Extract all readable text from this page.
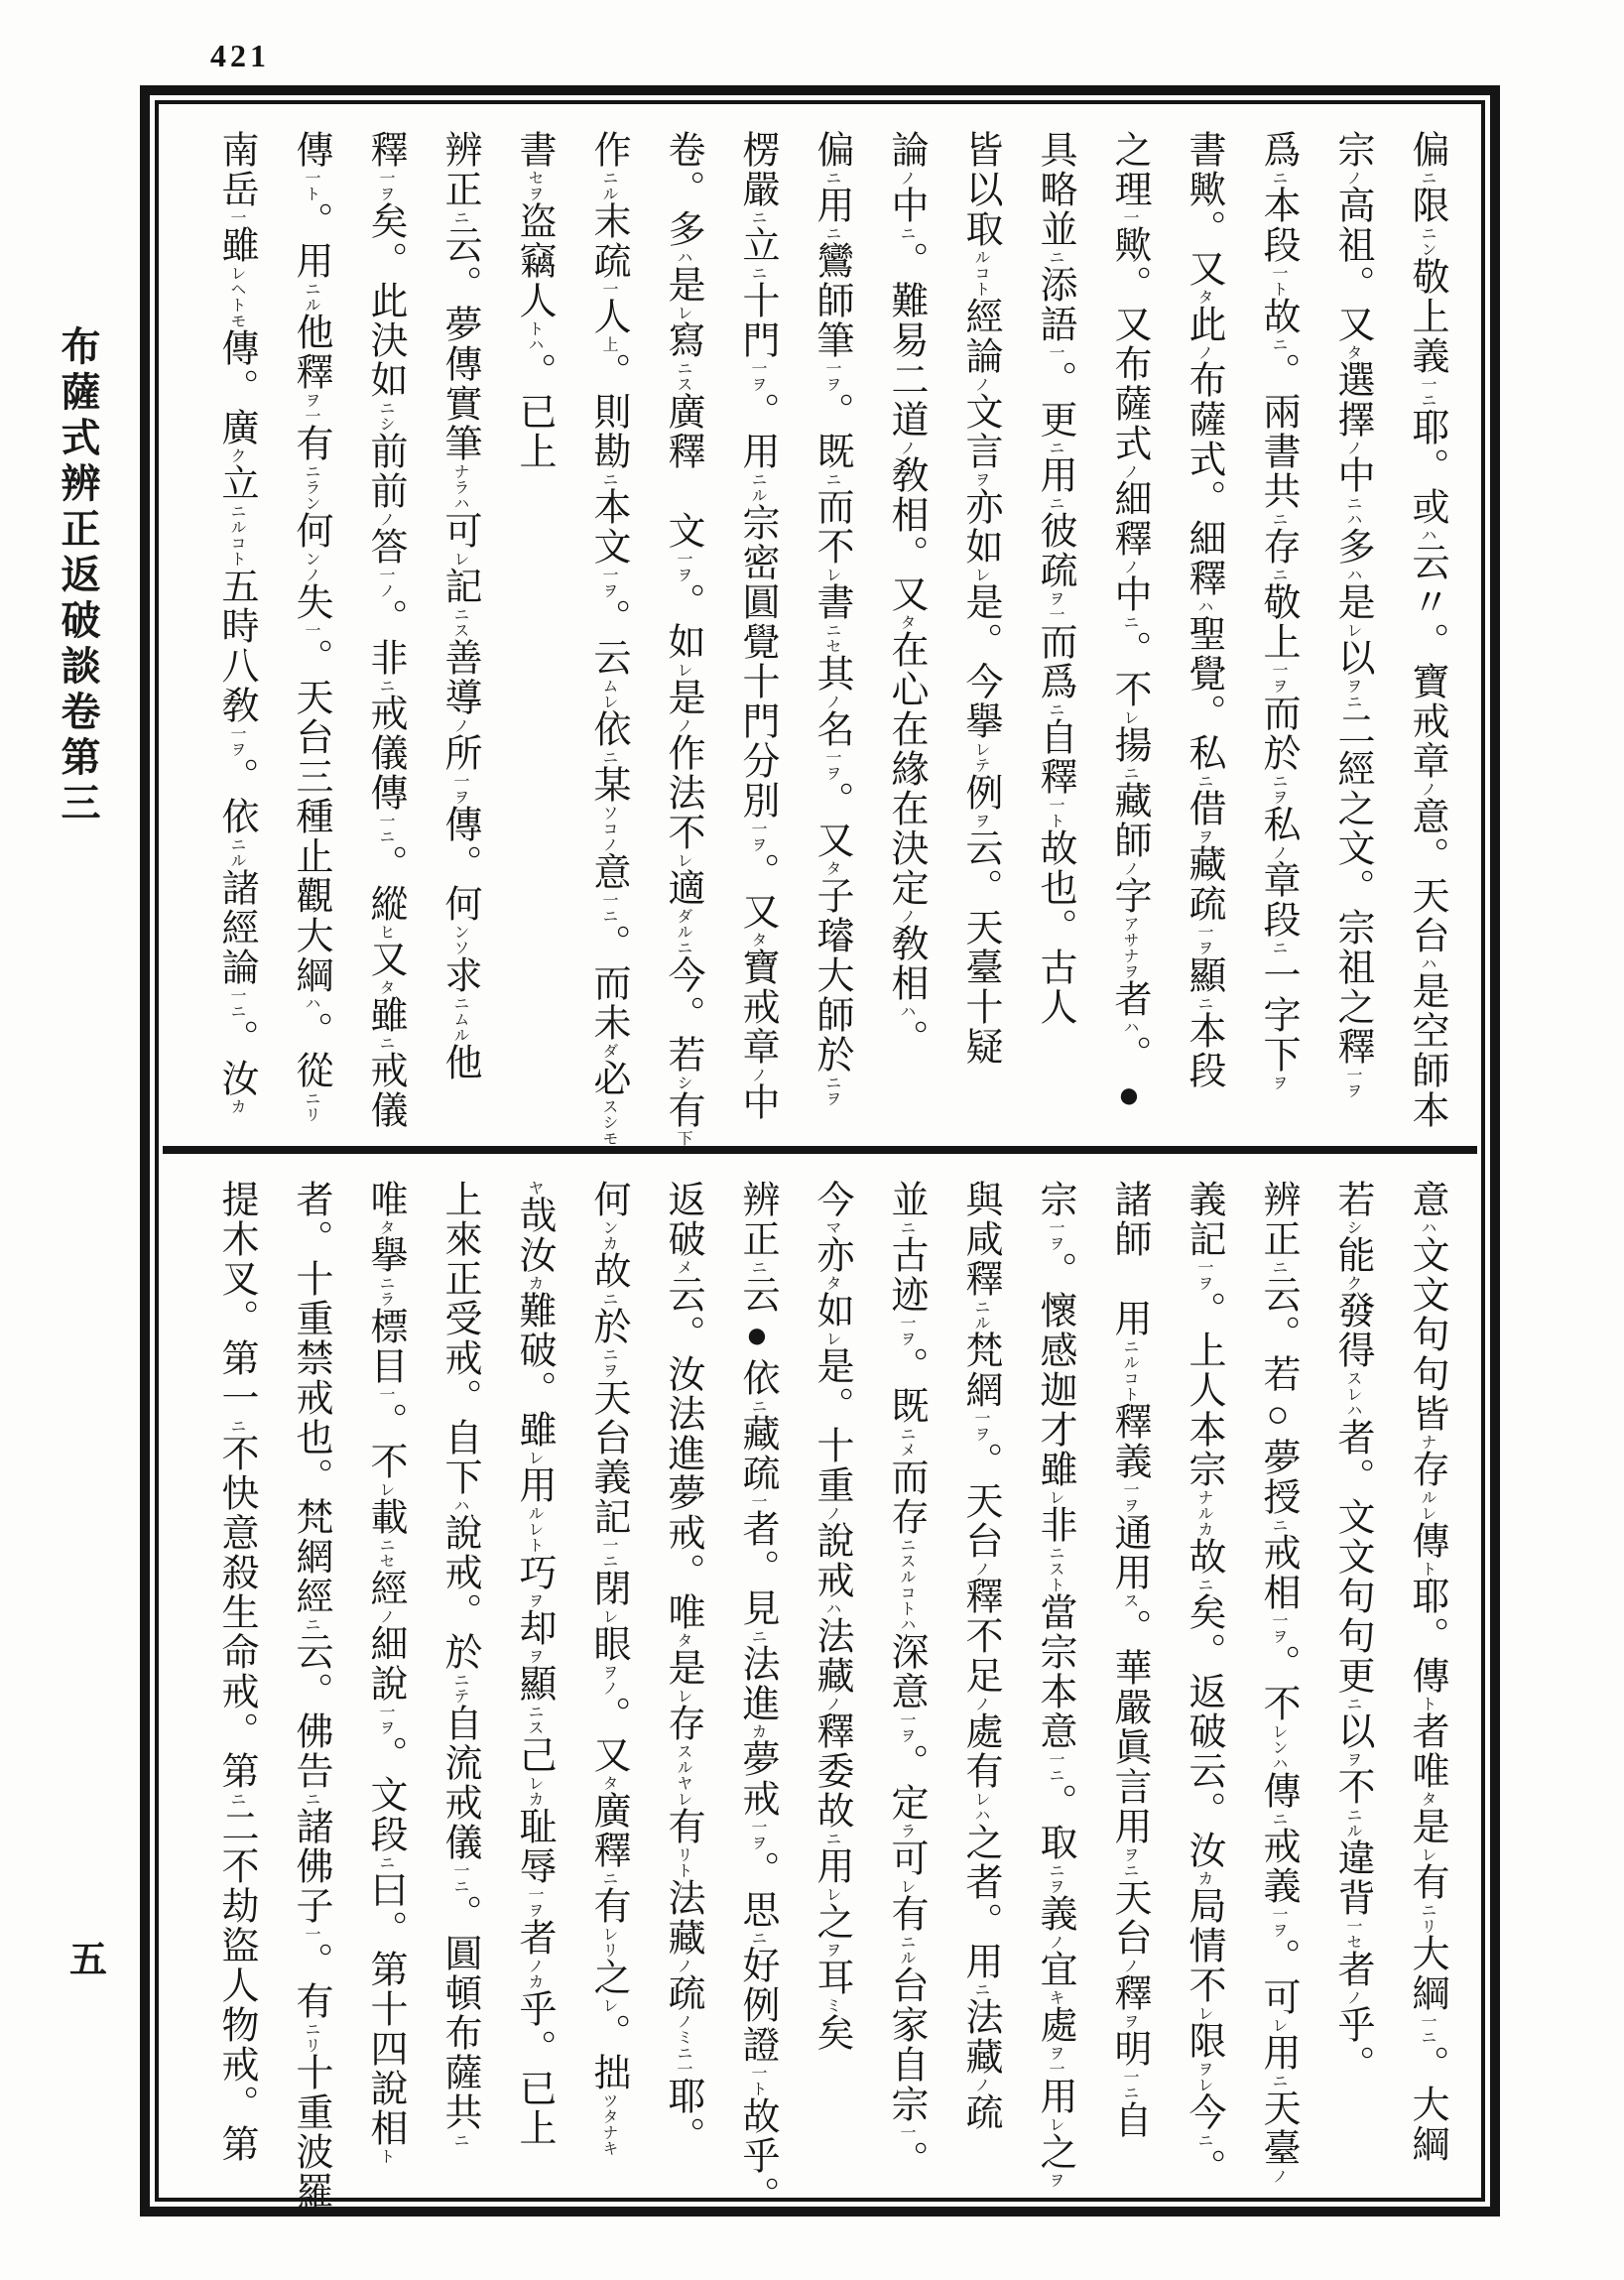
421
布薩式辨正返破談卷第三
五
偏ニ限ニン敬上義一ニ耶。或ハ云〃。寶戒章ノ意。天台ハ是空師本
宗ノ高祖。又タ選擇ノ中ニハ多ハ是レ以ヲニ二經之文。宗祖之釋一ヲ
爲ニ本段一ト故ニ。兩書共ニ存ニ敬上一ヲ而於ニヲ私ノ章段ニ一字下ヲ
書歟。又タ此ノ布薩式。細釋ハ聖覺。私ニ借ヲ藏疏一ヲ顯ニ本段
之理一歟。又布薩式ノ細釋ノ中ニ。不レ揚ニ藏師ノ字アサナヲ者ハ。●
具略並ニ添語一。更ニ用ニ彼疏ヲ一而爲ニ自釋一ト故也。古人
皆以取ルコト經論ノ文言ヲ亦如レ是。今擧レテ例ヲ云。天臺十疑
論ノ中ニ。難易二道ノ敎相。又タ在心在緣在決定ノ敎相ハ。
偏ニ用ニ鸞師筆一ヲ。既ニ而不レ書ニセ其ノ名一ヲ。又タ子璿大師於ニヲ
楞嚴ニ立ニ十門一ヲ。用ニル宗密圓覺十門分別一ヲ。又タ寶戒章ノ中
卷。多ハ是レ寫ニス廣釋　文一ヲ。如レ是ノ作法不レ適ダルニ今。若シ有下
作ニル末疏一人上。則勘ニ本文一ヲ。云ムレ依ニ某ソコノ意一ニ。而未ダ必スシモ
書セヲ盗竊人トハ。已上
辨正ニ云。夢傳實筆ナラハ可レ記ニス善導ノ所一ヲ傳。何ンソ求ニムル他
釋一ヲ矣。此決如ニシ前前ノ答一ノ。非ニ戒儀傳一ニ。縱ヒ又タ雖ニ戒儀
傳一ト。用ニル他釋ヲ一有ニラン何ンノ失一。天台三種止觀大綱ハ。從ニリ
南岳一雖レヘトモ傳。廣ク立ニルコト五時八敎一ヲ。依ニル諸經論一ニ。汝カ
意ハ文文句句皆ナ存ルレ傳ト耶。傳ト者唯タ是レ有ニリ大綱一ニ。大綱
若シ能ク發得スレハ者。文文句句更ニ以ヲ不ニル違背一セ者ノ乎。
辨正ニ云。若○夢授ニ戒相一ヲ。不レンハ傳ニ戒義一ヲ。可レ用ニ天臺ノ
義記一ヲ。上人本宗ナルカ故ニ矣。返破云。汝カ局情不レ限ヲレ今ニ。
諸師　用ニルコト釋義一ヲ通用ス。華嚴眞言用ヲニ天台ノ釋ヲ明一ニ自
宗一ヲ。懷感迦才雖レ非ニスト當宗本意一ニ。取ニヲ義ノ宜キ處ヲ一用レ之ヲ
與咸釋ニル梵網一ヲ。天台ノ釋不足ノ處有レハ之者。用ニ法藏ノ疏
並ニ古迹一ヲ。既ニメ而存ニスルコトハ深意一ヲ。定ラ可レ有ニル台家自宗一。
今マ亦タ如レ是。十重ノ說戒ハ法藏ノ釋委故ニ用レ之ヲ耳ミ矣
辨正ニ云●依ニ藏疏一者。見ニ法進カ夢戒一ヲ。思ニ好例證一ト故乎。
返破メ云。汝法進夢戒。唯タ是レ存スルヤレ有リト法藏ノ疏ノミニ一耶。
何ンカ故ニ於ニヲ天台義記一ニ閉レ眼ヲノ。又タ廣釋ニ有レリ之レ。拙ツタナキ
ヤ哉汝カ難破。雖レ用ルレト巧ヲ却ヲ顯ニス己レカ耻辱一ヲ者ノカ乎。已上
上來正受戒。自下ハ說戒。於ニテ自流戒儀一ニ。圓頓布薩共ニ
唯タ擧ニラ標目一。不レ載ニセ經ノ細說一ヲ。文段ニ曰。第十四說相ト
者。十重禁戒也。梵網經ニ云。佛告ニ諸佛子一。有ニリ十重波羅
提木叉。第一ニ不快意殺生命戒。第ニ二不劫盜人物戒。第
